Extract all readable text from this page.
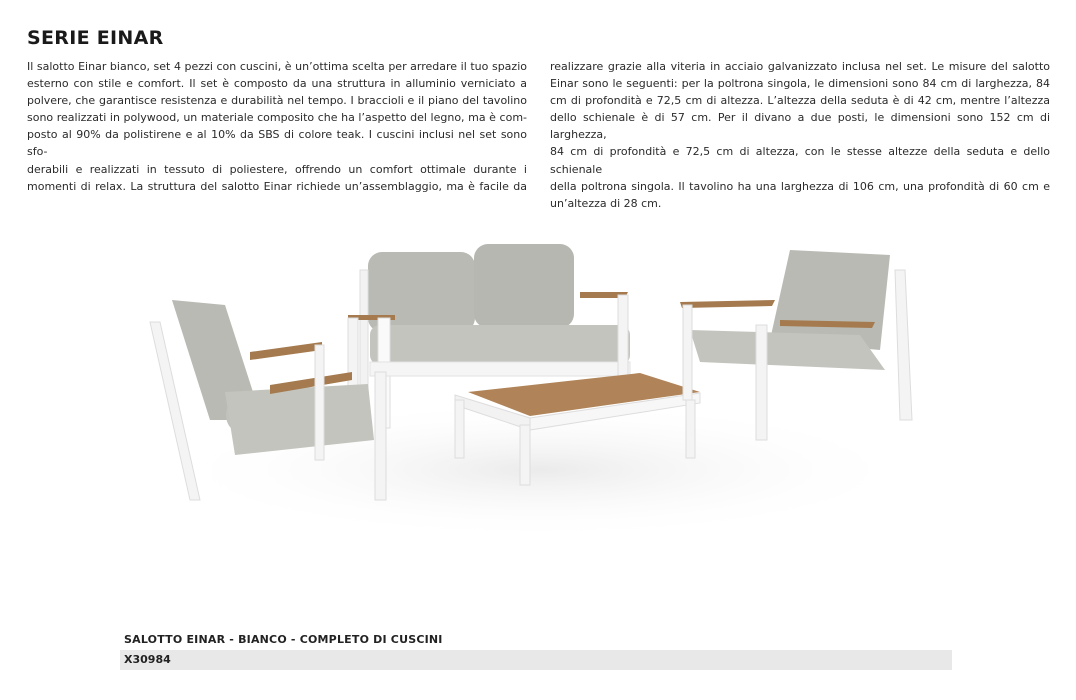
SERIE EINAR
Il salotto Einar bianco, set 4 pezzi con cuscini, è un’ottima scelta per arredare il tuo spazio
esterno con stile e comfort. Il set è composto da una struttura in alluminio verniciato a
polvere, che garantisce resistenza e durabilità nel tempo. I braccioli e il piano del tavolino
sono realizzati in polywood, un materiale composito che ha l’aspetto del legno, ma è com-
posto al 90% da polistirene e al 10% da SBS di colore teak. I cuscini inclusi nel set sono sfo-
derabili e realizzati in tessuto di poliestere, offrendo un comfort ottimale durante i
momenti di relax. La struttura del salotto Einar richiede un’assemblaggio, ma è facile da
realizzare grazie alla viteria in acciaio galvanizzato inclusa nel set. Le misure del salotto
Einar sono le seguenti: per la poltrona singola, le dimensioni sono 84 cm di larghezza, 84
cm di profondità e 72,5 cm di altezza. L’altezza della seduta è di 42 cm, mentre l’altezza
dello schienale è di 57 cm. Per il divano a due posti, le dimensioni sono 152 cm di larghezza,
84 cm di profondità e 72,5 cm di altezza, con le stesse altezze della seduta e dello schienale
della poltrona singola. Il tavolino ha una larghezza di 106 cm, una profondità di 60 cm e
un’altezza di 28 cm.
SALOTTO EINAR - BIANCO - COMPLETO DI CUSCINI
X30984
